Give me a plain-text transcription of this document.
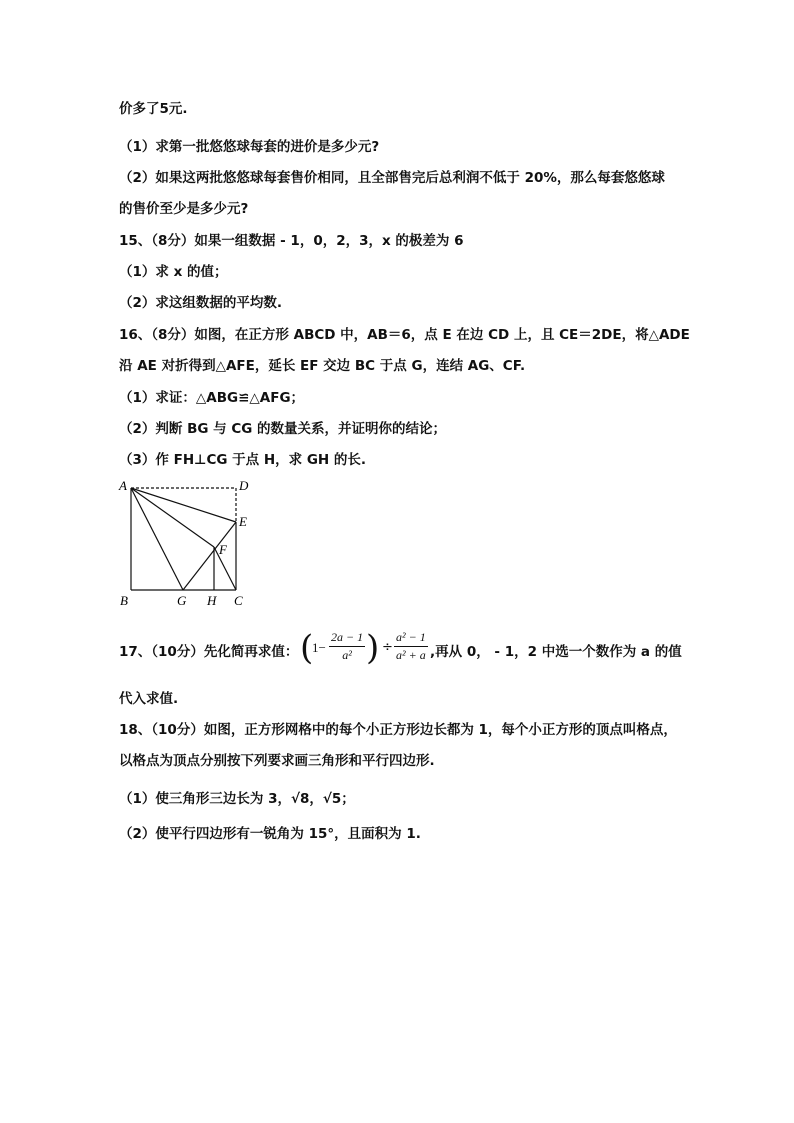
价多了5元.
（1）求第一批悠悠球每套的进价是多少元?
（2）如果这两批悠悠球每套售价相同，且全部售完后总利润不低于 20%，那么每套悠悠球
的售价至少是多少元?
15、（8分）如果一组数据 - 1，0，2，3，x 的极差为 6
（1）求 x 的值；
（2）求这组数据的平均数.
16、（8分）如图，在正方形 ABCD 中，AB＝6，点 E 在边 CD 上，且 CE＝2DE，将△ADE
沿 AE 对折得到△AFE，延长 EF 交边 BC 于点 G，连结 AG、CF.
（1）求证：△ABG≌△AFG；
（2）判断 BG 与 CG 的数量关系，并证明你的结论；
（3）作 FH⊥CG 于点 H，求 GH 的长.
A	D
E
F
B	G H C
17、（10分）先化简再求值： (
$1- \frac{2a - 1}{\text{a²}}$ ) ÷ $\frac{\text{a² − 1}}{\text{a² + a}}$ ,再从 0， - 1，2 中选一个数作为 a 的值
代入求值.
18、（10分）如图，正方形网格中的每个小正方形边长都为 1，每个小正方形的顶点叫格点，
以格点为顶点分别按下列要求画三角形和平行四边形.
（1）使三角形三边长为 3，√8，√5；
（2）使平行四边形有一锐角为 15°，且面积为 1.
